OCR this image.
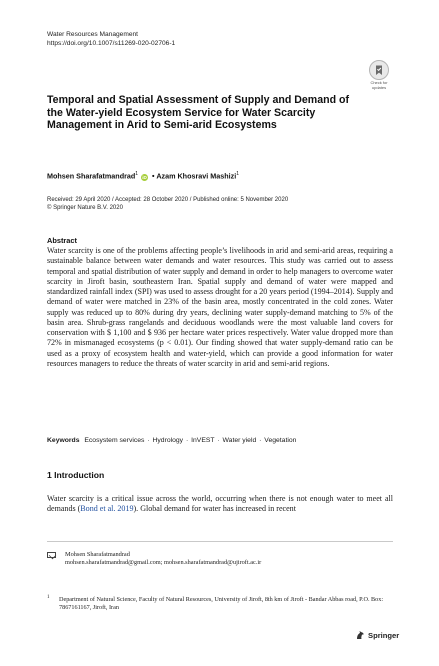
Water Resources Management
https://doi.org/10.1007/s11269-020-02706-1
Check for
updates
Temporal and Spatial Assessment of Supply and Demand of the Water-yield Ecosystem Service for Water Scarcity Management in Arid to Semi-arid Ecosystems
Mohsen Sharafatmandrad$^1$ iD • Azam Khosravi Mashizi$^1$
Received: 29 April 2020 / Accepted: 28 October 2020 / Published online: 5 November 2020
© Springer Nature B.V. 2020
Abstract

Water scarcity is one of the problems affecting people’s livelihoods in arid and semi-arid areas, requiring a sustainable balance between water demands and water resources. This study was carried out to assess temporal and spatial distribution of water supply and demand in order to help managers to overcome water scarcity in Jiroft basin, southeastern Iran. Spatial supply and demand of water were mapped and standardized rainfall index (SPI) was used to assess drought for a 20 years period (1994–2014). Supply and demand of water were matched in 23% of the basin area, mostly concentrated in the cold zones. Water supply was reduced up to 80% during dry years, declining water supply-demand matching to 5% of the basin area. Shrub-grass rangelands and deciduous woodlands were the most valuable land covers for conservation with $ 1,100 and $ 936 per hectare water prices respectively. Water value dropped more than 72% in mismanaged ecosystems (p < 0.01). Our finding showed that water supply-demand ratio can be used as a proxy of ecosystem health and water-yield, which can provide a good information for water resources managers to reduce the threats of water scarcity in arid and semi-arid regions.

Keywords Ecosystem services · Hydrology · InVEST · Water yield · Vegetation
1 Introduction

Water scarcity is a critical issue across the world, occurring when there is not enough water to meet all demands (Bond et al. 2019). Global demand for water has increased in recent

Mohsen Sharafatmandrad
mohsen.sharafatmandrad@gmail.com; mohsen.sharafatmandrad@ujiroft.ac.ir
1 Department of Natural Science, Faculty of Natural Resources, University of Jiroft, 8th km of Jiroft - Bandar Abbas road, P.O. Box: 7867161167, Jiroft, Iran
Springer
